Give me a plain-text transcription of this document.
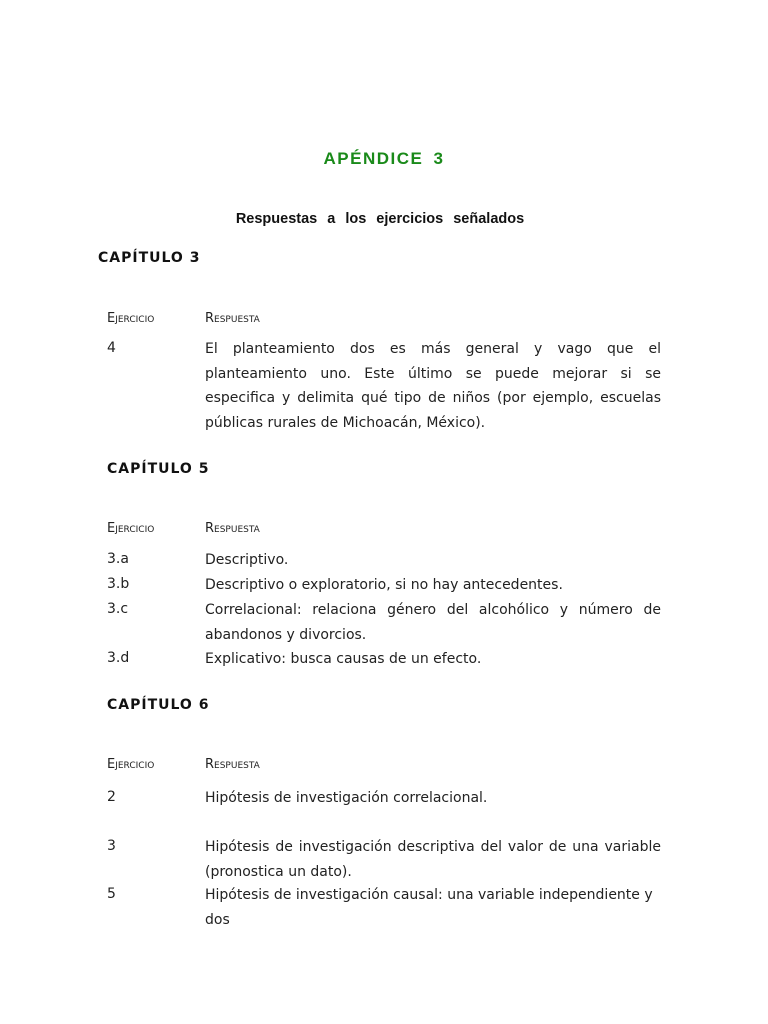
APÉNDICE 3
Respuestas a los ejercicios señalados
CAPÍTULO 3
Ejercicio	Respuesta
4	El planteamiento dos es más general y vago que el planteamiento uno. Este último se puede mejorar si se especifica y delimita qué tipo de niños (por ejemplo, escuelas públicas rurales de Michoacán, México).
CAPÍTULO 5
Ejercicio	Respuesta
3.a	Descriptivo.
3.b	Descriptivo o exploratorio, si no hay antecedentes.
3.c	Correlacional: relaciona género del alcohólico y número de abandonos y divorcios.
3.d	Explicativo: busca causas de un efecto.
CAPÍTULO 6
Ejercicio	Respuesta
2	Hipótesis de investigación correlacional.
3	Hipótesis de investigación descriptiva del valor de una variable (pronostica un dato).
5	Hipótesis de investigación causal: una variable independiente y dos
